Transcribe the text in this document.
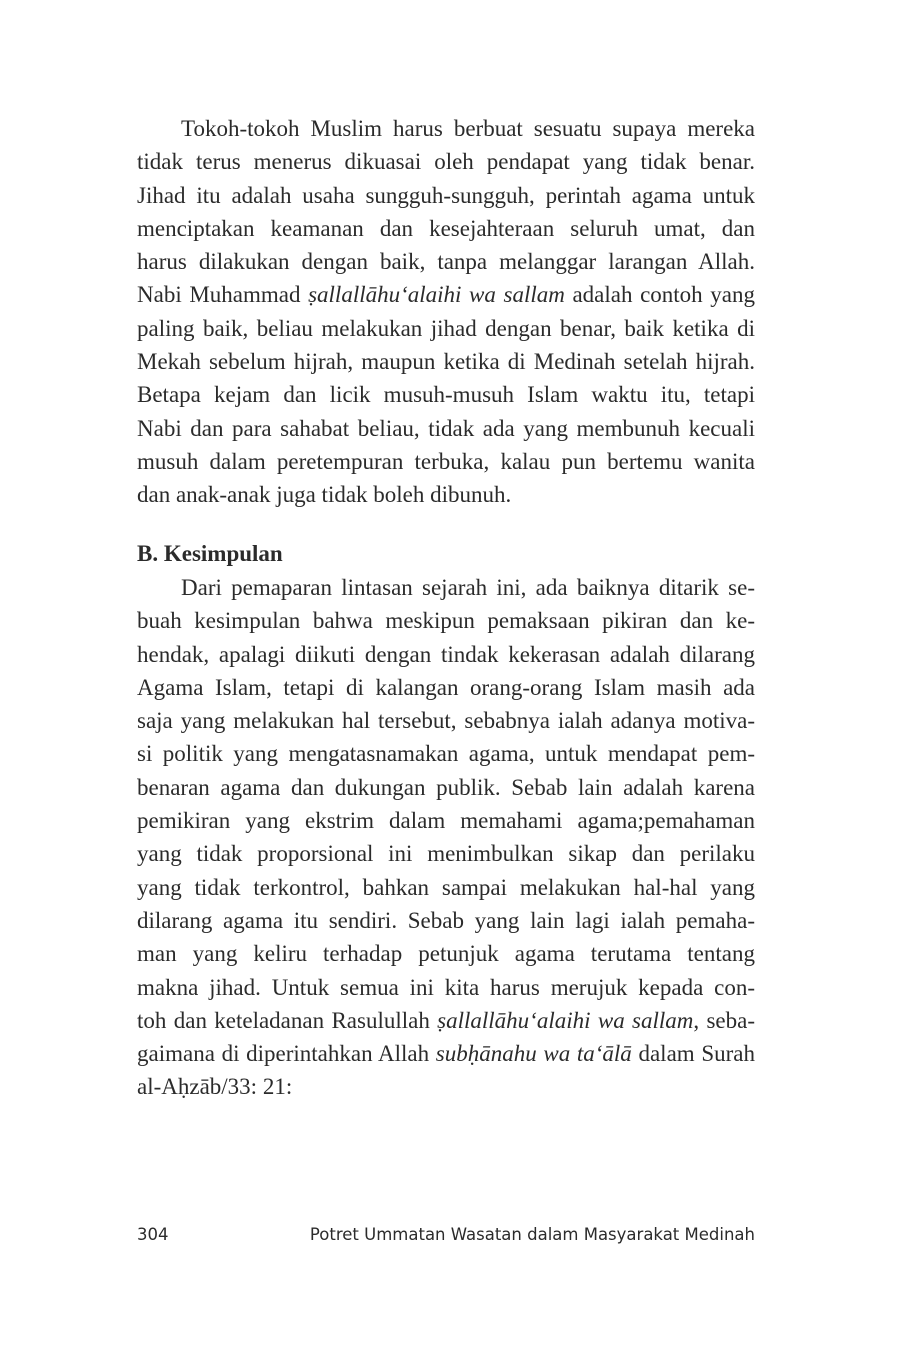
Tokoh-tokoh Muslim harus berbuat sesuatu supaya mereka
tidak terus menerus dikuasai oleh pendapat yang tidak benar.
Jihad itu adalah usaha sungguh-sungguh, perintah agama untuk
menciptakan keamanan dan kesejahteraan seluruh umat, dan
harus dilakukan dengan baik, tanpa melanggar larangan Allah.
Nabi Muhammad ṣallallāhu‘alaihi wa sallam adalah contoh yang
paling baik, beliau melakukan jihad dengan benar, baik ketika di
Mekah sebelum hijrah, maupun ketika di Medinah setelah hijrah.
Betapa kejam dan licik musuh-musuh Islam waktu itu, tetapi
Nabi dan para sahabat beliau, tidak ada yang membunuh kecuali
musuh dalam peretempuran terbuka, kalau pun bertemu wanita
dan anak-anak juga tidak boleh dibunuh.

B. Kesimpulan

Dari pemaparan lintasan sejarah ini, ada baiknya ditarik se-
buah kesimpulan bahwa meskipun pemaksaan pikiran dan ke-
hendak, apalagi diikuti dengan tindak kekerasan adalah dilarang
Agama Islam, tetapi di kalangan orang-orang Islam masih ada
saja yang melakukan hal tersebut, sebabnya ialah adanya motiva-
si politik yang mengatasnamakan agama, untuk mendapat pem-
benaran agama dan dukungan publik. Sebab lain adalah karena
pemikiran yang ekstrim dalam memahami agama;pemahaman
yang tidak proporsional ini menimbulkan sikap dan perilaku
yang tidak terkontrol, bahkan sampai melakukan hal-hal yang
dilarang agama itu sendiri. Sebab yang lain lagi ialah pemaha-
man yang keliru terhadap petunjuk agama terutama tentang
makna jihad. Untuk semua ini kita harus merujuk kepada con-
toh dan keteladanan Rasulullah ṣallallāhu‘alaihi wa sallam, seba-
gaimana di diperintahkan Allah subḥānahu wa ta‘ālā dalam Surah
al-Aḥzāb/33: 21:

304	Potret Ummatan Wasatan dalam Masyarakat Medinah
